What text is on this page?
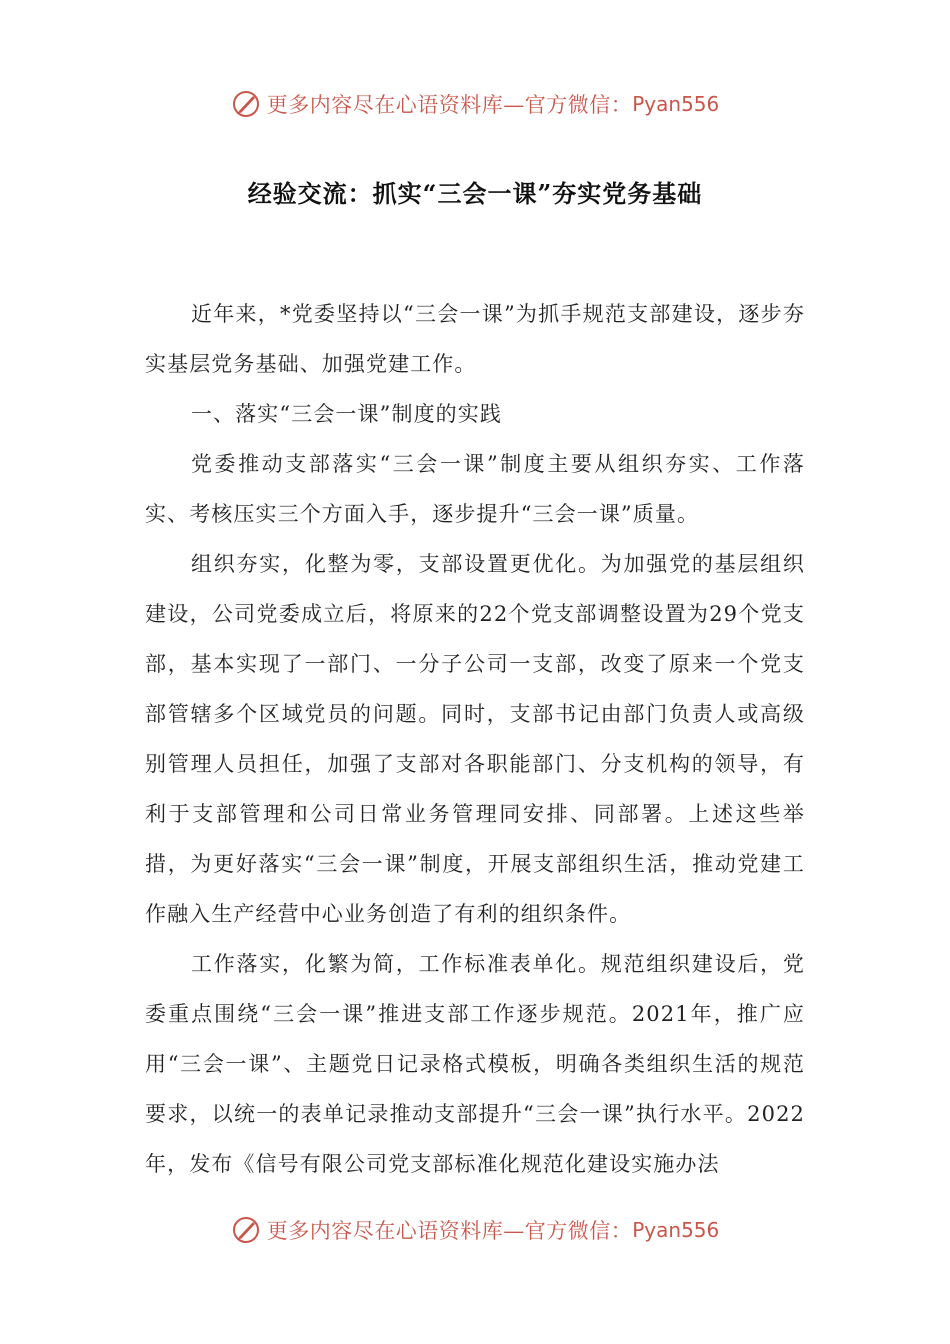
更多内容尽在心语资料库—官方微信： Pyan556
经验交流：抓实“三会一课”夯实党务基础

近年来，*党委坚持以“三会一课”为抓手规范支部建设，逐步夯实基层党务基础、加强党建工作。

一、落实“三会一课”制度的实践

党委推动支部落实“三会一课”制度主要从组织夯实、工作落实、考核压实三个方面入手，逐步提升“三会一课”质量。

组织夯实，化整为零，支部设置更优化。为加强党的基层组织建设，公司党委成立后，将原来的22个党支部调整设置为29个党支部，基本实现了一部门、一分子公司一支部，改变了原来一个党支部管辖多个区域党员的问题。同时，支部书记由部门负责人或高级别管理人员担任，加强了支部对各职能部门、分支机构的领导，有利于支部管理和公司日常业务管理同安排、同部署。上述这些举措，为更好落实“三会一课”制度，开展支部组织生活，推动党建工作融入生产经营中心业务创造了有利的组织条件。

工作落实，化繁为简，工作标准表单化。规范组织建设后，党委重点围绕“三会一课”推进支部工作逐步规范。2021年，推广应用“三会一课”、主题党日记录格式模板，明确各类组织生活的规范要求，以统一的表单记录推动支部提升“三会一课”执行水平。2022年，发布《信号有限公司党支部标准化规范化建设实施办法

更多内容尽在心语资料库—官方微信： Pyan556
